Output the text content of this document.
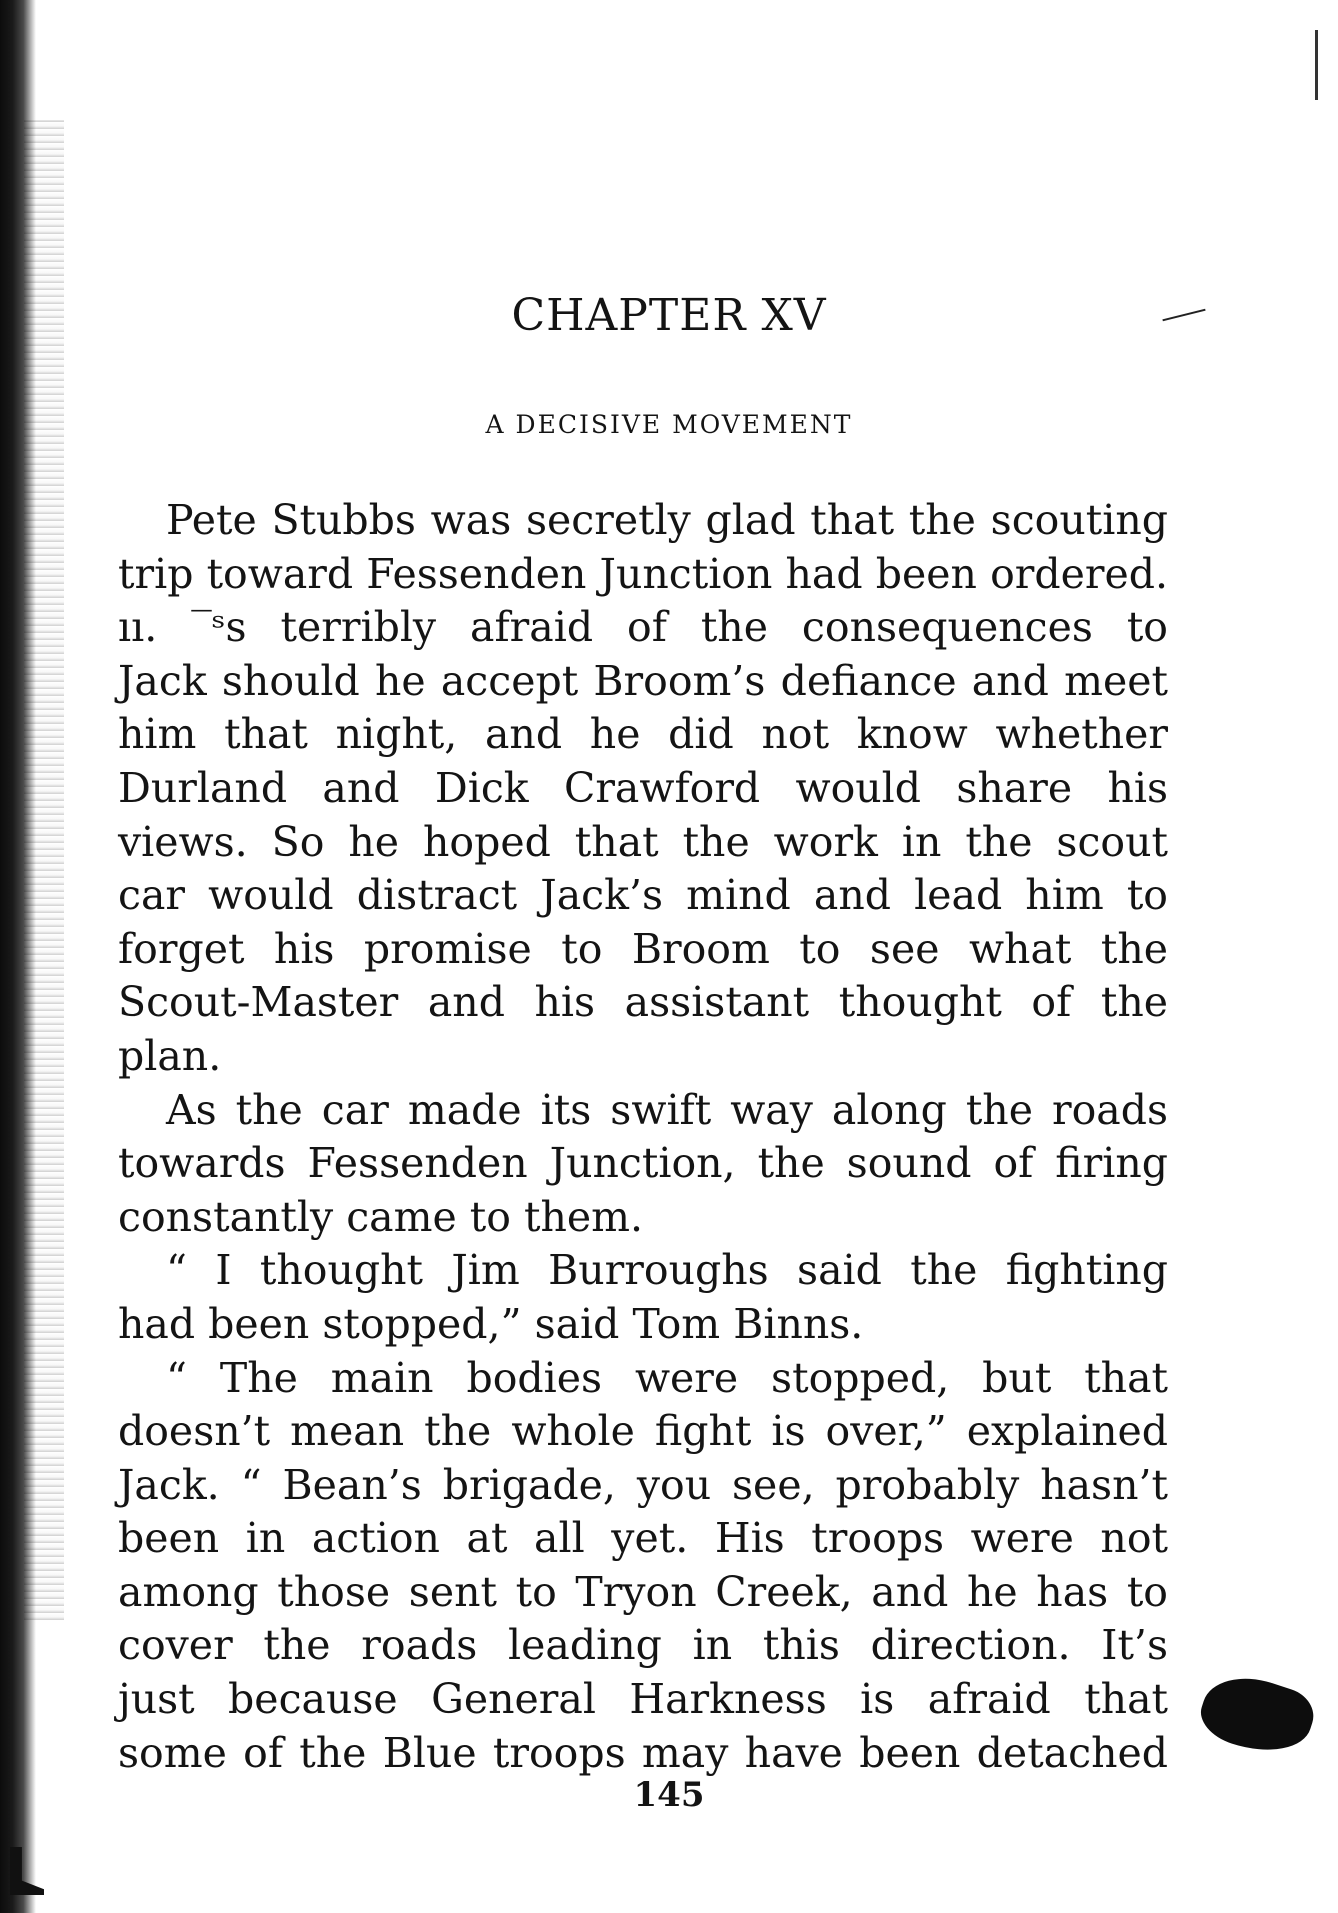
CHAPTER XV
A DECISIVE MOVEMENT
Pete Stubbs was secretly glad that the scouting
trip toward Fessenden Junction had been ordered.
ıı. ‾ˢs terribly afraid of the consequences to
Jack should he accept Broom’s defiance and meet
him that night, and he did not know whether
Durland and Dick Crawford would share his
views. So he hoped that the work in the scout
car would distract Jack’s mind and lead him to
forget his promise to Broom to see what the
Scout-Master and his assistant thought of the
plan.
As the car made its swift way along the roads
towards Fessenden Junction, the sound of firing
constantly came to them.
“ I thought Jim Burroughs said the fighting
had been stopped,” said Tom Binns.
“ The main bodies were stopped, but that
doesn’t mean the whole fight is over,” explained
Jack. “ Bean’s brigade, you see, probably hasn’t
been in action at all yet. His troops were not
among those sent to Tryon Creek, and he has to
cover the roads leading in this direction. It’s
just because General Harkness is afraid that
some of the Blue troops may have been detached
145
